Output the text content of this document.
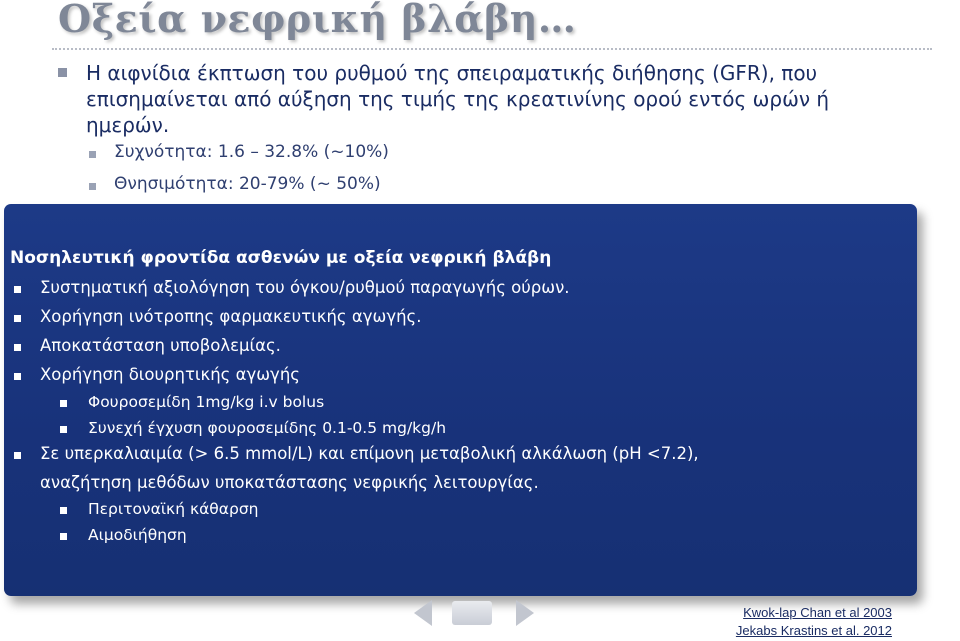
Οξεία νεφρική βλάβη…
Η αιφνίδια έκπτωση του ρυθμού της σπειραματικής διήθησης (GFR), που επισημαίνεται από αύξηση της τιμής της κρεατινίνης ορού εντός ωρών ή ημερών.
Συχνότητα: 1.6 – 32.8% (~10%)
Θνησιμότητα: 20-79% (~ 50%)
Νοσηλευτική φροντίδα ασθενών με οξεία νεφρική βλάβη
Συστηματική αξιολόγηση του όγκου/ρυθμού παραγωγής ούρων.
Χορήγηση ινότροπης φαρμακευτικής αγωγής.
Αποκατάσταση υποβολεμίας.
Χορήγηση διουρητικής αγωγής
Φουροσεμίδη 1mg/kg i.v bolus
Συνεχή έγχυση φουροσεμίδης 0.1-0.5 mg/kg/h
Σε υπερκαλιαιμία (> 6.5 mmol/L) και επίμονη μεταβολική αλκάλωση (pH <7.2),
αναζήτηση μεθόδων υποκατάστασης νεφρικής λειτουργίας.
Περιτοναϊκή κάθαρση
Αιμοδιήθηση
Kwok-lap Chan et al 2003
Jekabs Krastins et al. 2012
